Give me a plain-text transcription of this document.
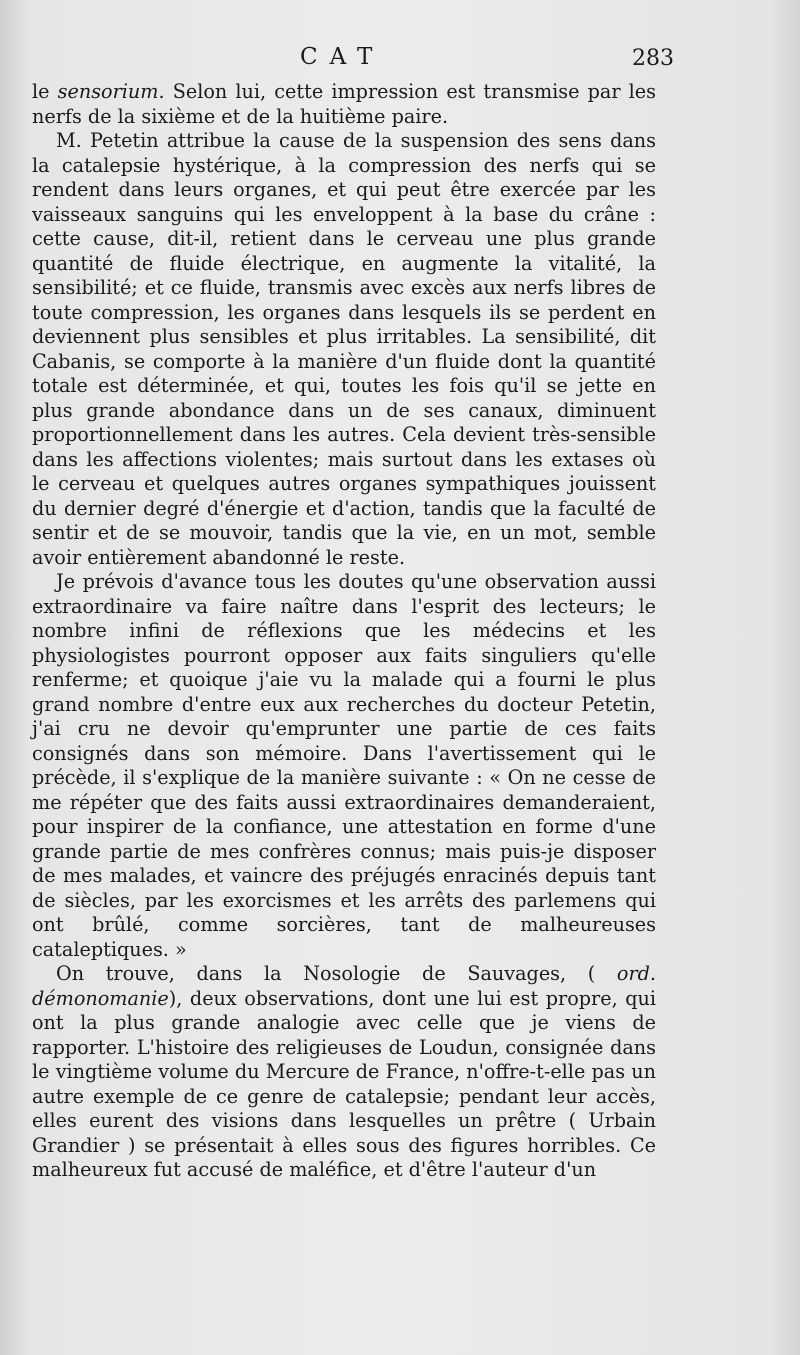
CAT	283

le sensorium. Selon lui, cette impression est transmise par les nerfs de la sixième et de la huitième paire.

M. Petetin attribue la cause de la suspension des sens dans la catalepsie hystérique, à la compression des nerfs qui se rendent dans leurs organes, et qui peut être exercée par les vaisseaux sanguins qui les enveloppent à la base du crâne : cette cause, dit-il, retient dans le cerveau une plus grande quantité de fluide électrique, en augmente la vitalité, la sensibilité; et ce fluide, transmis avec excès aux nerfs libres de toute compression, les organes dans lesquels ils se perdent en deviennent plus sensibles et plus irritables. La sensibilité, dit Cabanis, se comporte à la manière d'un fluide dont la quantité totale est déterminée, et qui, toutes les fois qu'il se jette en plus grande abondance dans un de ses canaux, diminuent proportionnellement dans les autres. Cela devient très-sensible dans les affections violentes; mais surtout dans les extases où le cerveau et quelques autres organes sympathiques jouissent du dernier degré d'énergie et d'action, tandis que la faculté de sentir et de se mouvoir, tandis que la vie, en un mot, semble avoir entièrement abandonné le reste.

Je prévois d'avance tous les doutes qu'une observation aussi extraordinaire va faire naître dans l'esprit des lecteurs; le nombre infini de réflexions que les médecins et les physiologistes pourront opposer aux faits singuliers qu'elle renferme; et quoique j'aie vu la malade qui a fourni le plus grand nombre d'entre eux aux recherches du docteur Petetin, j'ai cru ne devoir qu'emprunter une partie de ces faits consignés dans son mémoire. Dans l'avertissement qui le précède, il s'explique de la manière suivante : « On ne cesse de me répéter que des faits aussi extraordinaires demanderaient, pour inspirer de la confiance, une attestation en forme d'une grande partie de mes confrères connus; mais puis-je disposer de mes malades, et vaincre des préjugés enracinés depuis tant de siècles, par les exorcismes et les arrêts des parlemens qui ont brûlé, comme sorcières, tant de malheureuses cataleptiques. »

On trouve, dans la Nosologie de Sauvages, ( ord. démonomanie), deux observations, dont une lui est propre, qui ont la plus grande analogie avec celle que je viens de rapporter. L'histoire des religieuses de Loudun, consignée dans le vingtième volume du Mercure de France, n'offre-t-elle pas un autre exemple de ce genre de catalepsie; pendant leur accès, elles eurent des visions dans lesquelles un prêtre ( Urbain Grandier ) se présentait à elles sous des figures horribles. Ce malheureux fut accusé de maléfice, et d'être l'auteur d'un
